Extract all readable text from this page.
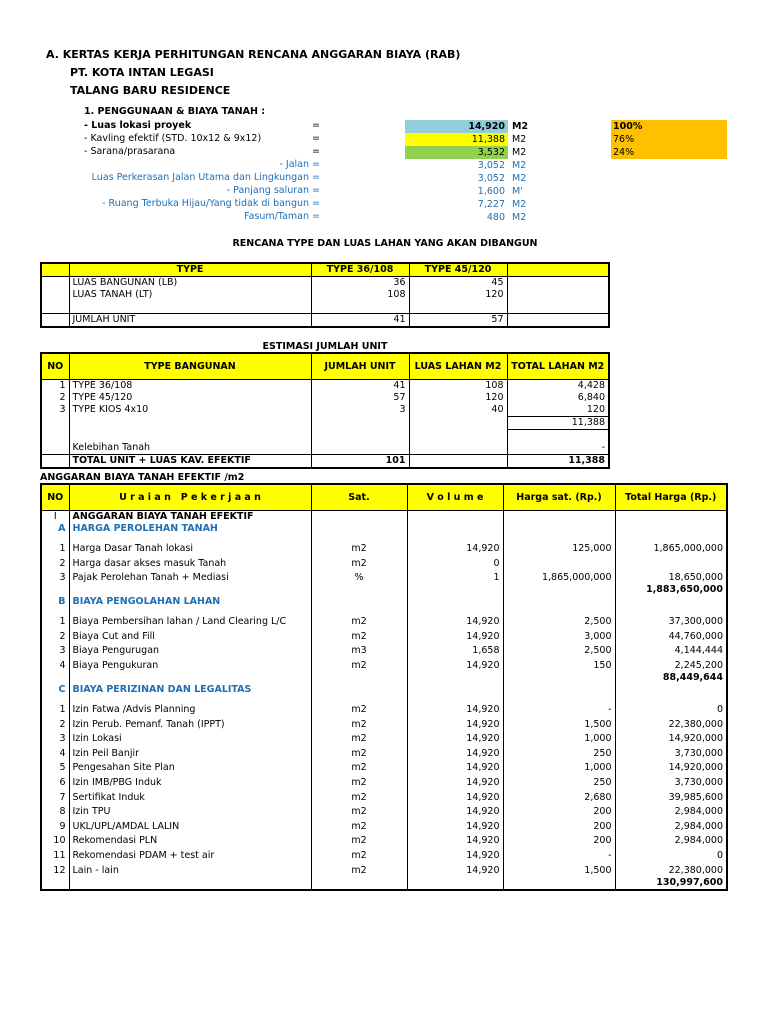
A. KERTAS KERJA PERHITUNGAN RENCANA ANGGARAN BIAYA (RAB)
PT. KOTA INTAN LEGASI
TALANG BARU RESIDENCE
1. PENGGUNAAN & BIAYA TANAH :
- Luas lokasi proyek	=	14,920 M2	100%
- Kavling efektif (STD. 10x12 & 9x12)	=	11,388 M2	76%
- Sarana/prasarana	=	3,532 M2	24%
- Jalan =	3,052 M2
Luas Perkerasan Jalan Utama dan Lingkungan =	3,052 M2
- Panjang saluran =	1,600 M'
- Ruang Terbuka Hijau/Yang tidak di bangun =	7,227 M2
Fasum/Taman =	480 M2
RENCANA TYPE DAN LUAS LAHAN YANG AKAN DIBANGUN
	TYPE	TYPE 36/108	TYPE 45/120	
	LUAS BANGUNAN (LB)	36	45	
	LUAS TANAH (LT)	108	120	

	JUMLAH UNIT	41	57	
ESTIMASI JUMLAH UNIT
NO	TYPE BANGUNAN	JUMLAH UNIT	LUAS LAHAN M2	TOTAL LAHAN M2
1	TYPE 36/108	41	108	4,428
2	TYPE 45/120	57	120	6,840
3	TYPE KIOS 4x10	3	40	120
				11,388

	Kelebihan Tanah			-
	TOTAL UNIT + LUAS KAV. EFEKTIF	101		11,388
ANGGARAN BIAYA TANAH EFEKTIF /m2
NO	U r a i a n   P e k e r j a a n	Sat.	V o l u m e	Harga sat. (Rp.)	Total Harga (Rp.)
I	ANGGARAN BIAYA TANAH EFEKTIF				
A	HARGA PEROLEHAN TANAH				
1	Harga Dasar Tanah lokasi	m2	14,920	125,000	1,865,000,000
2	Harga dasar akses masuk Tanah	m2	0		
3	Pajak Perolehan Tanah + Mediasi	%	1	1,865,000,000	18,650,000
					1,883,650,000
B	BIAYA PENGOLAHAN LAHAN				
1	Biaya Pembersihan lahan / Land Clearing L/C	m2	14,920	2,500	37,300,000
2	Biaya Cut and Fill	m2	14,920	3,000	44,760,000
3	Biaya Pengurugan	m3	1,658	2,500	4,144,444
4	Biaya Pengukuran	m2	14,920	150	2,245,200
					88,449,644
C	BIAYA PERIZINAN DAN LEGALITAS				
1	Izin Fatwa /Advis Planning	m2	14,920	-	0
2	Izin Perub. Pemanf. Tanah (IPPT)	m2	14,920	1,500	22,380,000
3	Izin Lokasi	m2	14,920	1,000	14,920,000
4	Izin Peil Banjir	m2	14,920	250	3,730,000
5	Pengesahan Site Plan	m2	14,920	1,000	14,920,000
6	Izin IMB/PBG Induk	m2	14,920	250	3,730,000
7	Sertifikat Induk	m2	14,920	2,680	39,985,600
8	Izin TPU	m2	14,920	200	2,984,000
9	UKL/UPL/AMDAL LALIN	m2	14,920	200	2,984,000
10	Rekomendasi PLN	m2	14,920	200	2,984,000
11	Rekomendasi PDAM + test air	m2	14,920	-	0
12	Lain - lain	m2	14,920	1,500	22,380,000
					130,997,600
